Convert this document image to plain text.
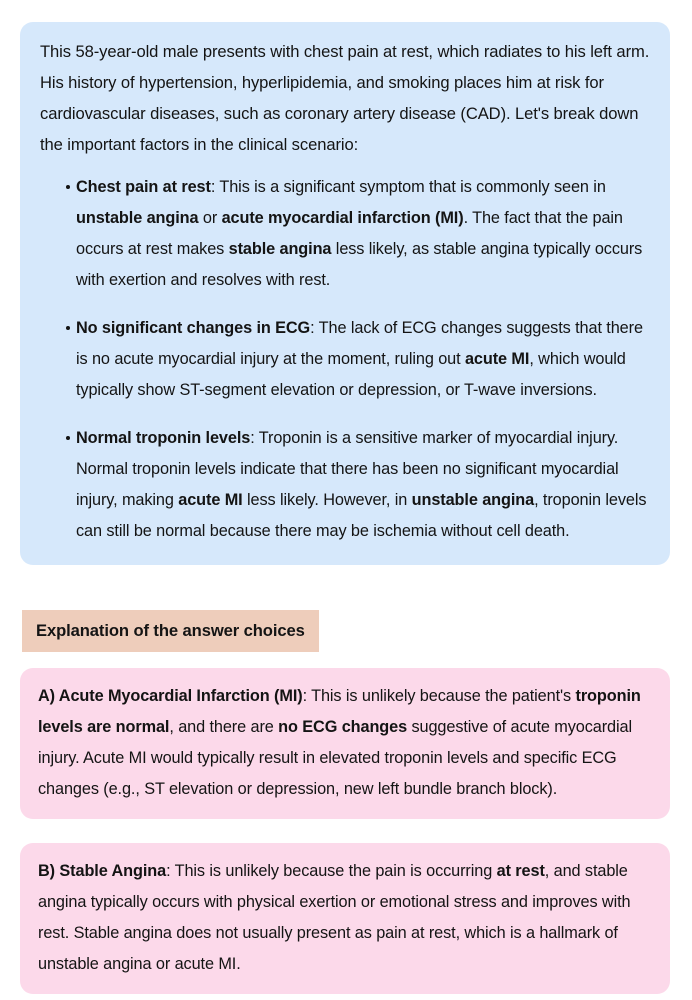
This 58-year-old male presents with chest pain at rest, which radiates to his left arm. His history of hypertension, hyperlipidemia, and smoking places him at risk for cardiovascular diseases, such as coronary artery disease (CAD). Let's break down the important factors in the clinical scenario:

Chest pain at rest: This is a significant symptom that is commonly seen in unstable angina or acute myocardial infarction (MI). The fact that the pain occurs at rest makes stable angina less likely, as stable angina typically occurs with exertion and resolves with rest.
No significant changes in ECG: The lack of ECG changes suggests that there is no acute myocardial injury at the moment, ruling out acute MI, which would typically show ST-segment elevation or depression, or T-wave inversions.
Normal troponin levels: Troponin is a sensitive marker of myocardial injury. Normal troponin levels indicate that there has been no significant myocardial injury, making acute MI less likely. However, in unstable angina, troponin levels can still be normal because there may be ischemia without cell death.
Explanation of the answer choices

A) Acute Myocardial Infarction (MI): This is unlikely because the patient's troponin levels are normal, and there are no ECG changes suggestive of acute myocardial injury. Acute MI would typically result in elevated troponin levels and specific ECG changes (e.g., ST elevation or depression, new left bundle branch block).

B) Stable Angina: This is unlikely because the pain is occurring at rest, and stable angina typically occurs with physical exertion or emotional stress and improves with rest. Stable angina does not usually present as pain at rest, which is a hallmark of unstable angina or acute MI.
